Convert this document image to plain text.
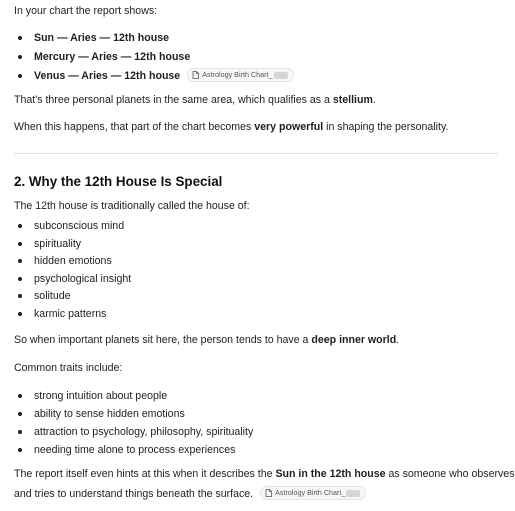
In your chart the report shows:
Sun — Aries — 12th house
Mercury — Aries — 12th house
Venus — Aries — 12th house	Astrology Birth Chart_
That's three personal planets in the same area, which qualifies as a stellium.
When this happens, that part of the chart becomes very powerful in shaping the personality.
2. Why the 12th House Is Special
The 12th house is traditionally called the house of:
subconscious mind
spirituality
hidden emotions
psychological insight
solitude
karmic patterns
So when important planets sit here, the person tends to have a deep inner world.
Common traits include:
strong intuition about people
ability to sense hidden emotions
attraction to psychology, philosophy, spirituality
needing time alone to process experiences
The report itself even hints at this when it describes the Sun in the 12th house as someone who observes
and tries to understand things beneath the surface.	Astrology Birth Chart_
